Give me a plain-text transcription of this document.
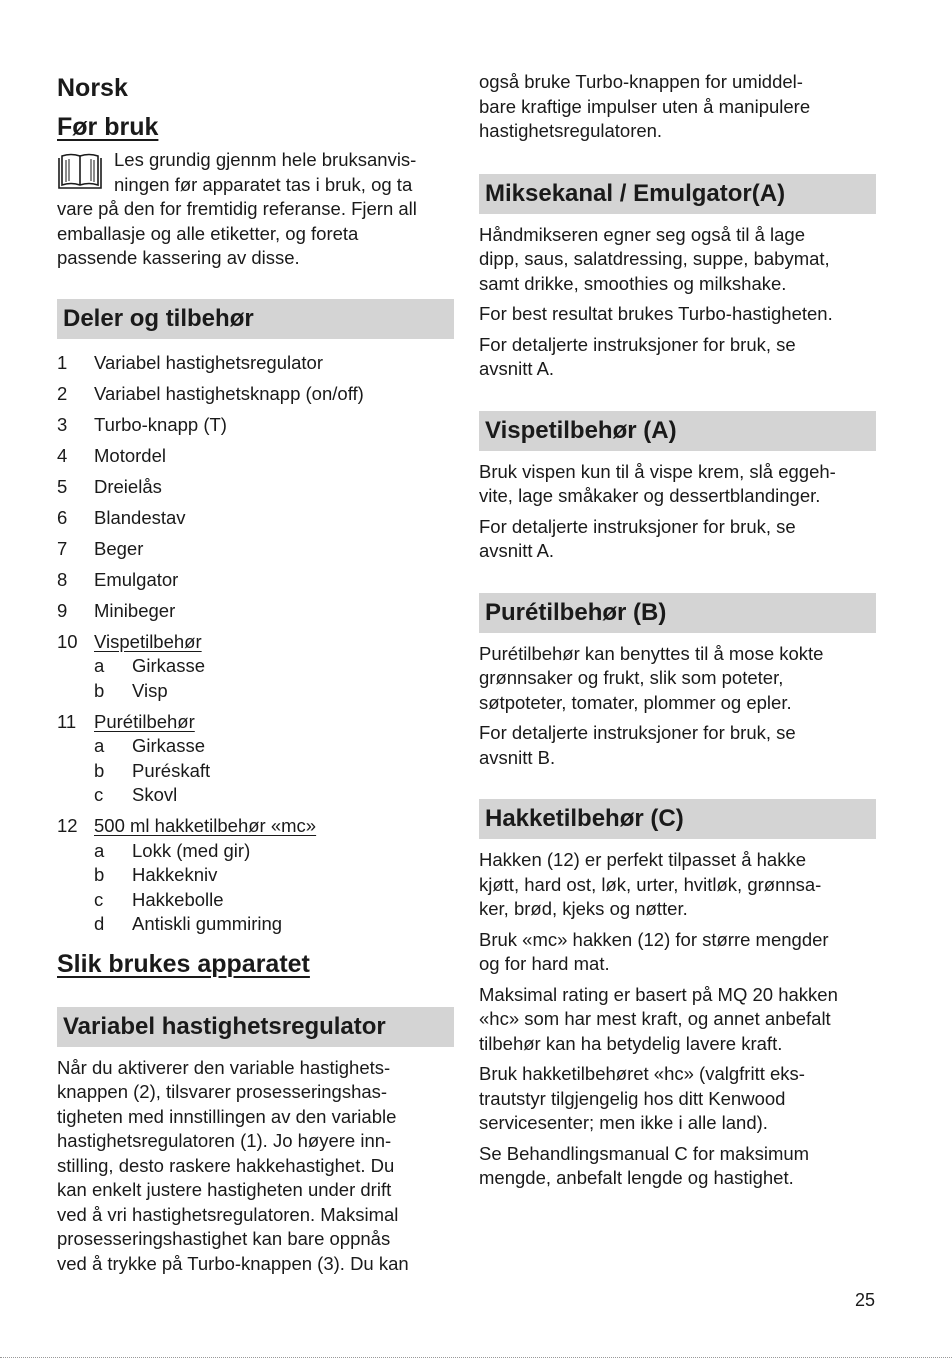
Norsk
Før bruk

Les grundig gjennm hele bruksanvis-

ningen før apparatet tas i bruk, og ta

vare på den for fremtidig referanse. Fjern all

emballasje og alle etiketter, og foreta

passende kassering av disse.

Deler og tilbehør
1	Variabel hastighetsregulator
2	Variabel hastighetsknapp (on/off)
3	Turbo-knapp (T)
4	Motordel
5	Dreielås
6	Blandestav
7	Beger
8	Emulgator
9	Minibeger
10 Vispetilbehør
a	Girkasse
b	Visp
11 Purétilbehør
a	Girkasse
b	Puréskaft
c	Skovl
12 500 ml hakketilbehør «mc»
a	Lokk (med gir)
b	Hakkekniv
c	Hakkebolle
d	Antiskli gummiring
Slik brukes apparatet
Variabel hastighetsregulator

Når du aktiverer den variable hastighets-

knappen (2), tilsvarer prosesseringshas-

tigheten med innstillingen av den variable

hastighetsregulatoren (1). Jo høyere inn-

stilling, desto raskere hakkehastighet. Du

kan enkelt justere hastigheten under drift

ved å vri hastighetsregulatoren. Maksimal

prosesseringshastighet kan bare oppnås

ved å trykke på Turbo-knappen (3). Du kan

også bruke Turbo-knappen for umiddel-

bare kraftige impulser uten å manipulere

hastighetsregulatoren.

Miksekanal / Emulgator(A)

Håndmikseren egner seg også til å lage

dipp, saus, salatdressing, suppe, babymat,

samt drikke, smoothies og milkshake.

For best resultat brukes Turbo-hastigheten.

For detaljerte instruksjoner for bruk, se

avsnitt A.

Vispetilbehør (A)

Bruk vispen kun til å vispe krem, slå eggeh-

vite, lage småkaker og dessertblandinger.

For detaljerte instruksjoner for bruk, se

avsnitt A.

Purétilbehør (B)

Purétilbehør kan benyttes til å mose kokte

grønnsaker og frukt, slik som poteter,

søtpoteter, tomater, plommer og epler.

For detaljerte instruksjoner for bruk, se

avsnitt B.

Hakketilbehør (C)

Hakken (12) er perfekt tilpasset å hakke

kjøtt, hard ost, løk, urter, hvitløk, grønnsa-

ker, brød, kjeks og nøtter.

Bruk «mc» hakken (12) for større mengder

og for hard mat.

Maksimal rating er basert på MQ 20 hakken

«hc» som har mest kraft, og annet anbefalt

tilbehør kan ha betydelig lavere kraft.

Bruk hakketilbehøret «hc» (valgfritt eks-

trautstyr tilgjengelig hos ditt Kenwood

servicesenter; men ikke i alle land).

Se Behandlingsmanual C for maksimum

mengde, anbefalt lengde og hastighet.

25
